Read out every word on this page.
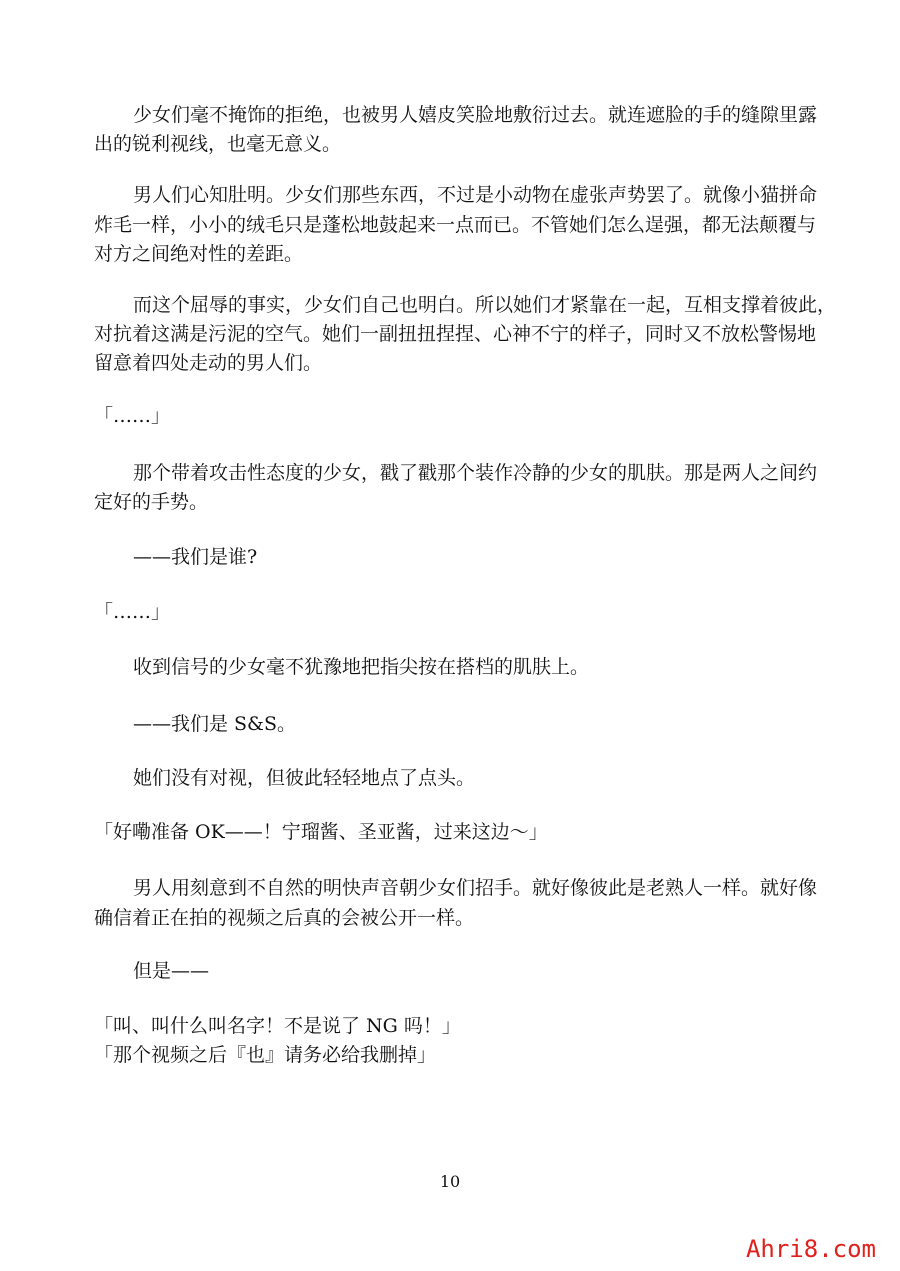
少女们毫不掩饰的拒绝，也被男人嬉皮笑脸地敷衍过去。就连遮脸的手的缝隙里露
出的锐利视线，也毫无意义。
男人们心知肚明。少女们那些东西，不过是小动物在虚张声势罢了。就像小猫拼命
炸毛一样，小小的绒毛只是蓬松地鼓起来一点而已。不管她们怎么逞强，都无法颠覆与
对方之间绝对性的差距。
而这个屈辱的事实，少女们自己也明白。所以她们才紧靠在一起，互相支撑着彼此，
对抗着这满是污泥的空气。她们一副扭扭捏捏、心神不宁的样子，同时又不放松警惕地
留意着四处走动的男人们。
「……」
那个带着攻击性态度的少女，戳了戳那个装作冷静的少女的肌肤。那是两人之间约
定好的手势。
——我们是谁?
「……」
收到信号的少女毫不犹豫地把指尖按在搭档的肌肤上。
——我们是 S&S。
她们没有对视，但彼此轻轻地点了点头。
「好嘞准备 OK——！宁瑠酱、圣亚酱，过来这边～」
男人用刻意到不自然的明快声音朝少女们招手。就好像彼此是老熟人一样。就好像
确信着正在拍的视频之后真的会被公开一样。
但是——
「叫、叫什么叫名字！不是说了 NG 吗！」
「那个视频之后『也』请务必给我删掉」
10
Ahri8.com
